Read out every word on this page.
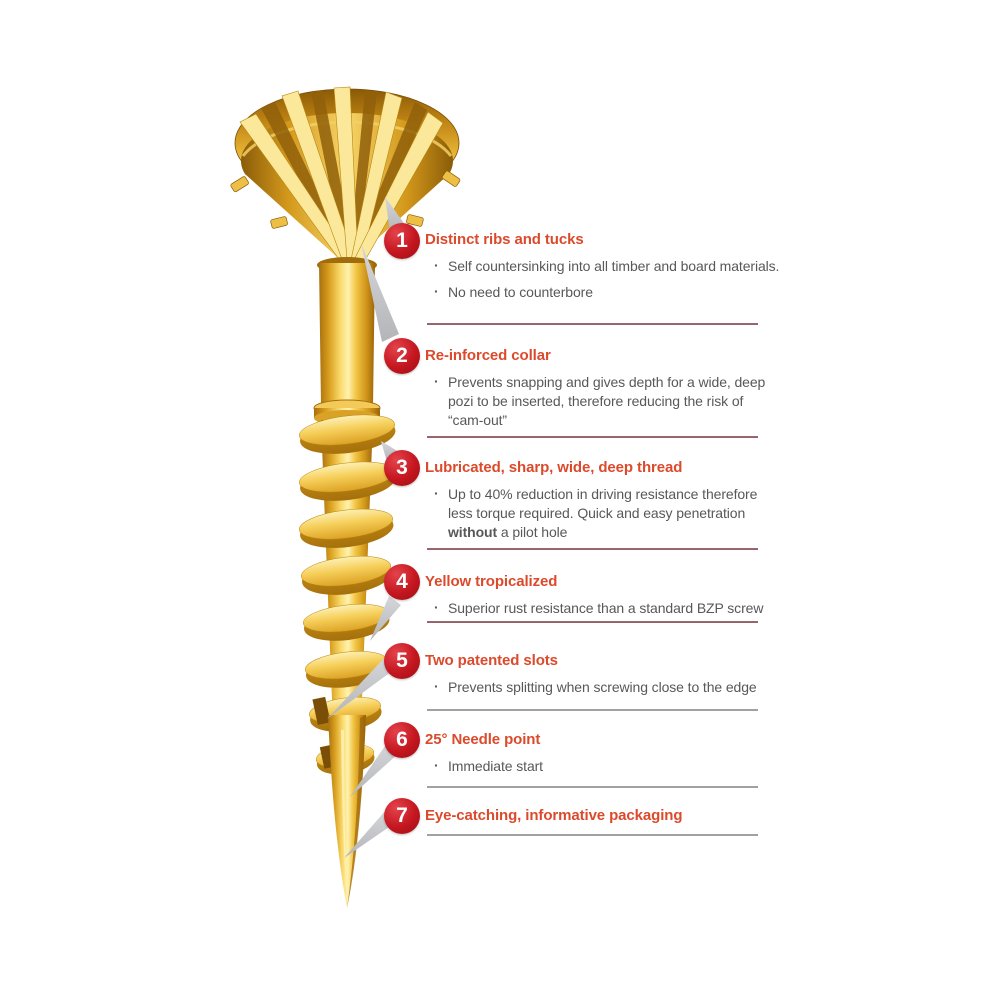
1
2
3
4
5
6
7
Distinct ribs and tucks
· Self countersinking into all timber and board materials.
· No need to counterbore
Re-inforced collar
· Prevents snapping and gives depth for a wide, deep pozi to be inserted, therefore reducing the risk of “cam-out”
Lubricated, sharp, wide, deep thread
· Up to 40% reduction in driving resistance therefore less torque required. Quick and easy penetration without a pilot hole
Yellow tropicalized
· Superior rust resistance than a standard BZP screw
Two patented slots
· Prevents splitting when screwing close to the edge
25° Needle point
· Immediate start
Eye-catching, informative packaging
